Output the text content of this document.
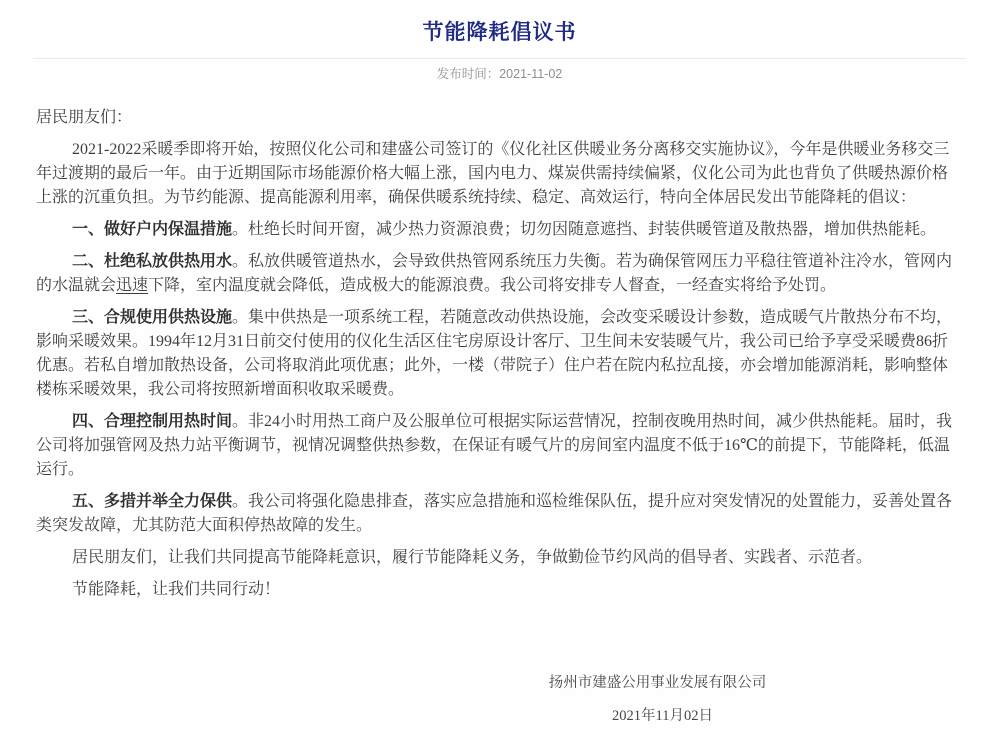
节能降耗倡议书
发布时间：2021-11-02

居民朋友们：

2021-2022采暖季即将开始，按照仪化公司和建盛公司签订的《仪化社区供暖业务分离移交实施协议》，今年是供暖业务移交三年过渡期的最后一年。由于近期国际市场能源价格大幅上涨，国内电力、煤炭供需持续偏紧，仪化公司为此也背负了供暖热源价格上涨的沉重负担。为节约能源、提高能源利用率，确保供暖系统持续、稳定、高效运行，特向全体居民发出节能降耗的倡议：

一、做好户内保温措施。杜绝长时间开窗，减少热力资源浪费；切勿因随意遮挡、封装供暖管道及散热器，增加供热能耗。

二、杜绝私放供热用水。私放供暖管道热水，会导致供热管网系统压力失衡。若为确保管网压力平稳往管道补注冷水，管网内的水温就会迅速下降，室内温度就会降低，造成极大的能源浪费。我公司将安排专人督查，一经查实将给予处罚。

三、合规使用供热设施。集中供热是一项系统工程，若随意改动供热设施，会改变采暖设计参数，造成暖气片散热分布不均，影响采暖效果。1994年12月31日前交付使用的仪化生活区住宅房原设计客厅、卫生间未安装暖气片，我公司已给予享受采暖费86折优惠。若私自增加散热设备，公司将取消此项优惠；此外，一楼（带院子）住户若在院内私拉乱接，亦会增加能源消耗，影响整体楼栋采暖效果，我公司将按照新增面积收取采暖费。

四、合理控制用热时间。非24小时用热工商户及公服单位可根据实际运营情况，控制夜晚用热时间，减少供热能耗。届时，我公司将加强管网及热力站平衡调节，视情况调整供热参数，在保证有暖气片的房间室内温度不低于16℃的前提下，节能降耗，低温运行。

五、多措并举全力保供。我公司将强化隐患排查，落实应急措施和巡检维保队伍，提升应对突发情况的处置能力，妥善处置各类突发故障，尤其防范大面积停热故障的发生。

居民朋友们，让我们共同提高节能降耗意识，履行节能降耗义务，争做勤俭节约风尚的倡导者、实践者、示范者。

节能降耗，让我们共同行动！

扬州市建盛公用事业发展有限公司
2021年11月02日
